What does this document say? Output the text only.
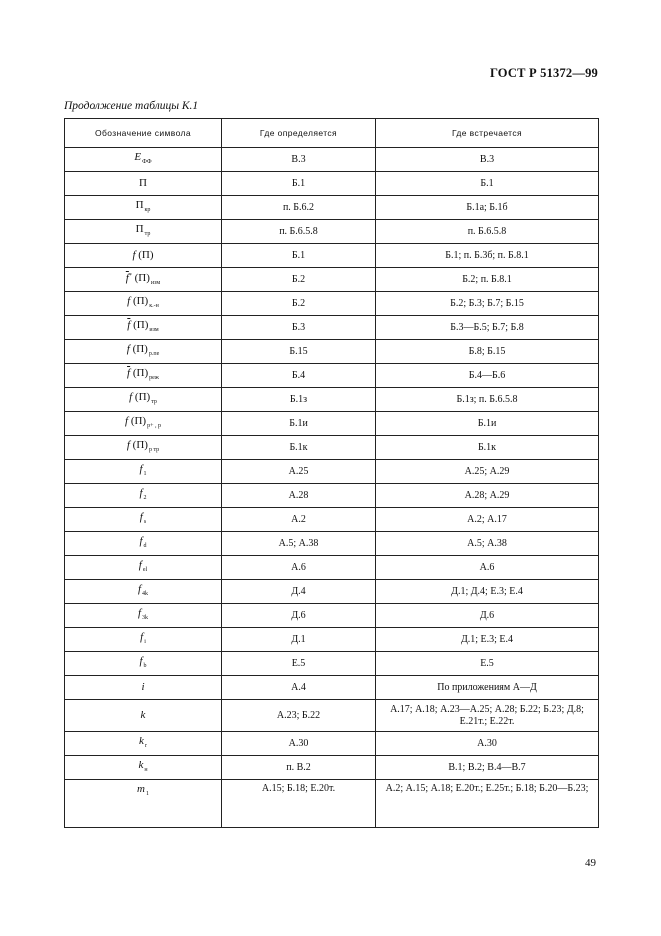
ГОСТ Р 51372—99
Продолжение таблицы К.1
Обозначение символа	Где определяется	Где встречается
$E_{ФФ}$	В.3	В.3
П	Б.1	Б.1
$П_{кр}$	п. Б.6.2	Б.1а; Б.1б
$П_{тр}$	п. Б.6.5.8	п. Б.6.5.8
f (П)	Б.1	Б.1; п. Б.3б; п. Б.8.1
$\overline{f}^*$ $(П)_{изм}$	Б.2	Б.2; п. Б.8.1
f $(П)_{к.-н}$	Б.2	Б.2; Б.3; Б.7; Б.15
$\overline{f}$ $(П)_{изм}$	Б.3	Б.3—Б.5; Б.7; Б.8
f $(П)_{р.пе}$	Б.15	Б.8; Б.15
$\overline{f}$ $(П)_{реж}$	Б.4	Б.4—Б.6
f $(П)_{тр}$	Б.1з	Б.1з; п. Б.6.5.8
f $(П)_{р+ , р}$	Б.1и	Б.1и
f $(П)_{р тр}$	Б.1к	Б.1к
$f_1$	А.25	А.25; А.29
$f_2$	А.28	А.28; А.29
$f_s$	А.2	А.2; А.17
$f_d$	А.5; А.38	А.5; А.38
$f_{el}$	А.6	А.6
$f_{4k}$	Д.4	Д.1; Д.4; Е.3; Е.4
$f_{3k}$	Д.6	Д.6
$f_i$	Д.1	Д.1; Е.3; Е.4
$f_b$	Е.5	Е.5
i	А.4	По приложениям А—Д
k	А.23; Б.22	А.17; А.18; А.23—А.25; А.28; Б.22; Б.23; Д.8; Е.21т.; Е.22т.
$k_r$	А.30	А.30
$k_н$	п. В.2	В.1; В.2; В.4—В.7
$m_1$	А.15; Б.18; Е.20т.	А.2; А.15; А.18; Е.20т.; Е.25т.; Б.18; Б.20—Б.23;
49
